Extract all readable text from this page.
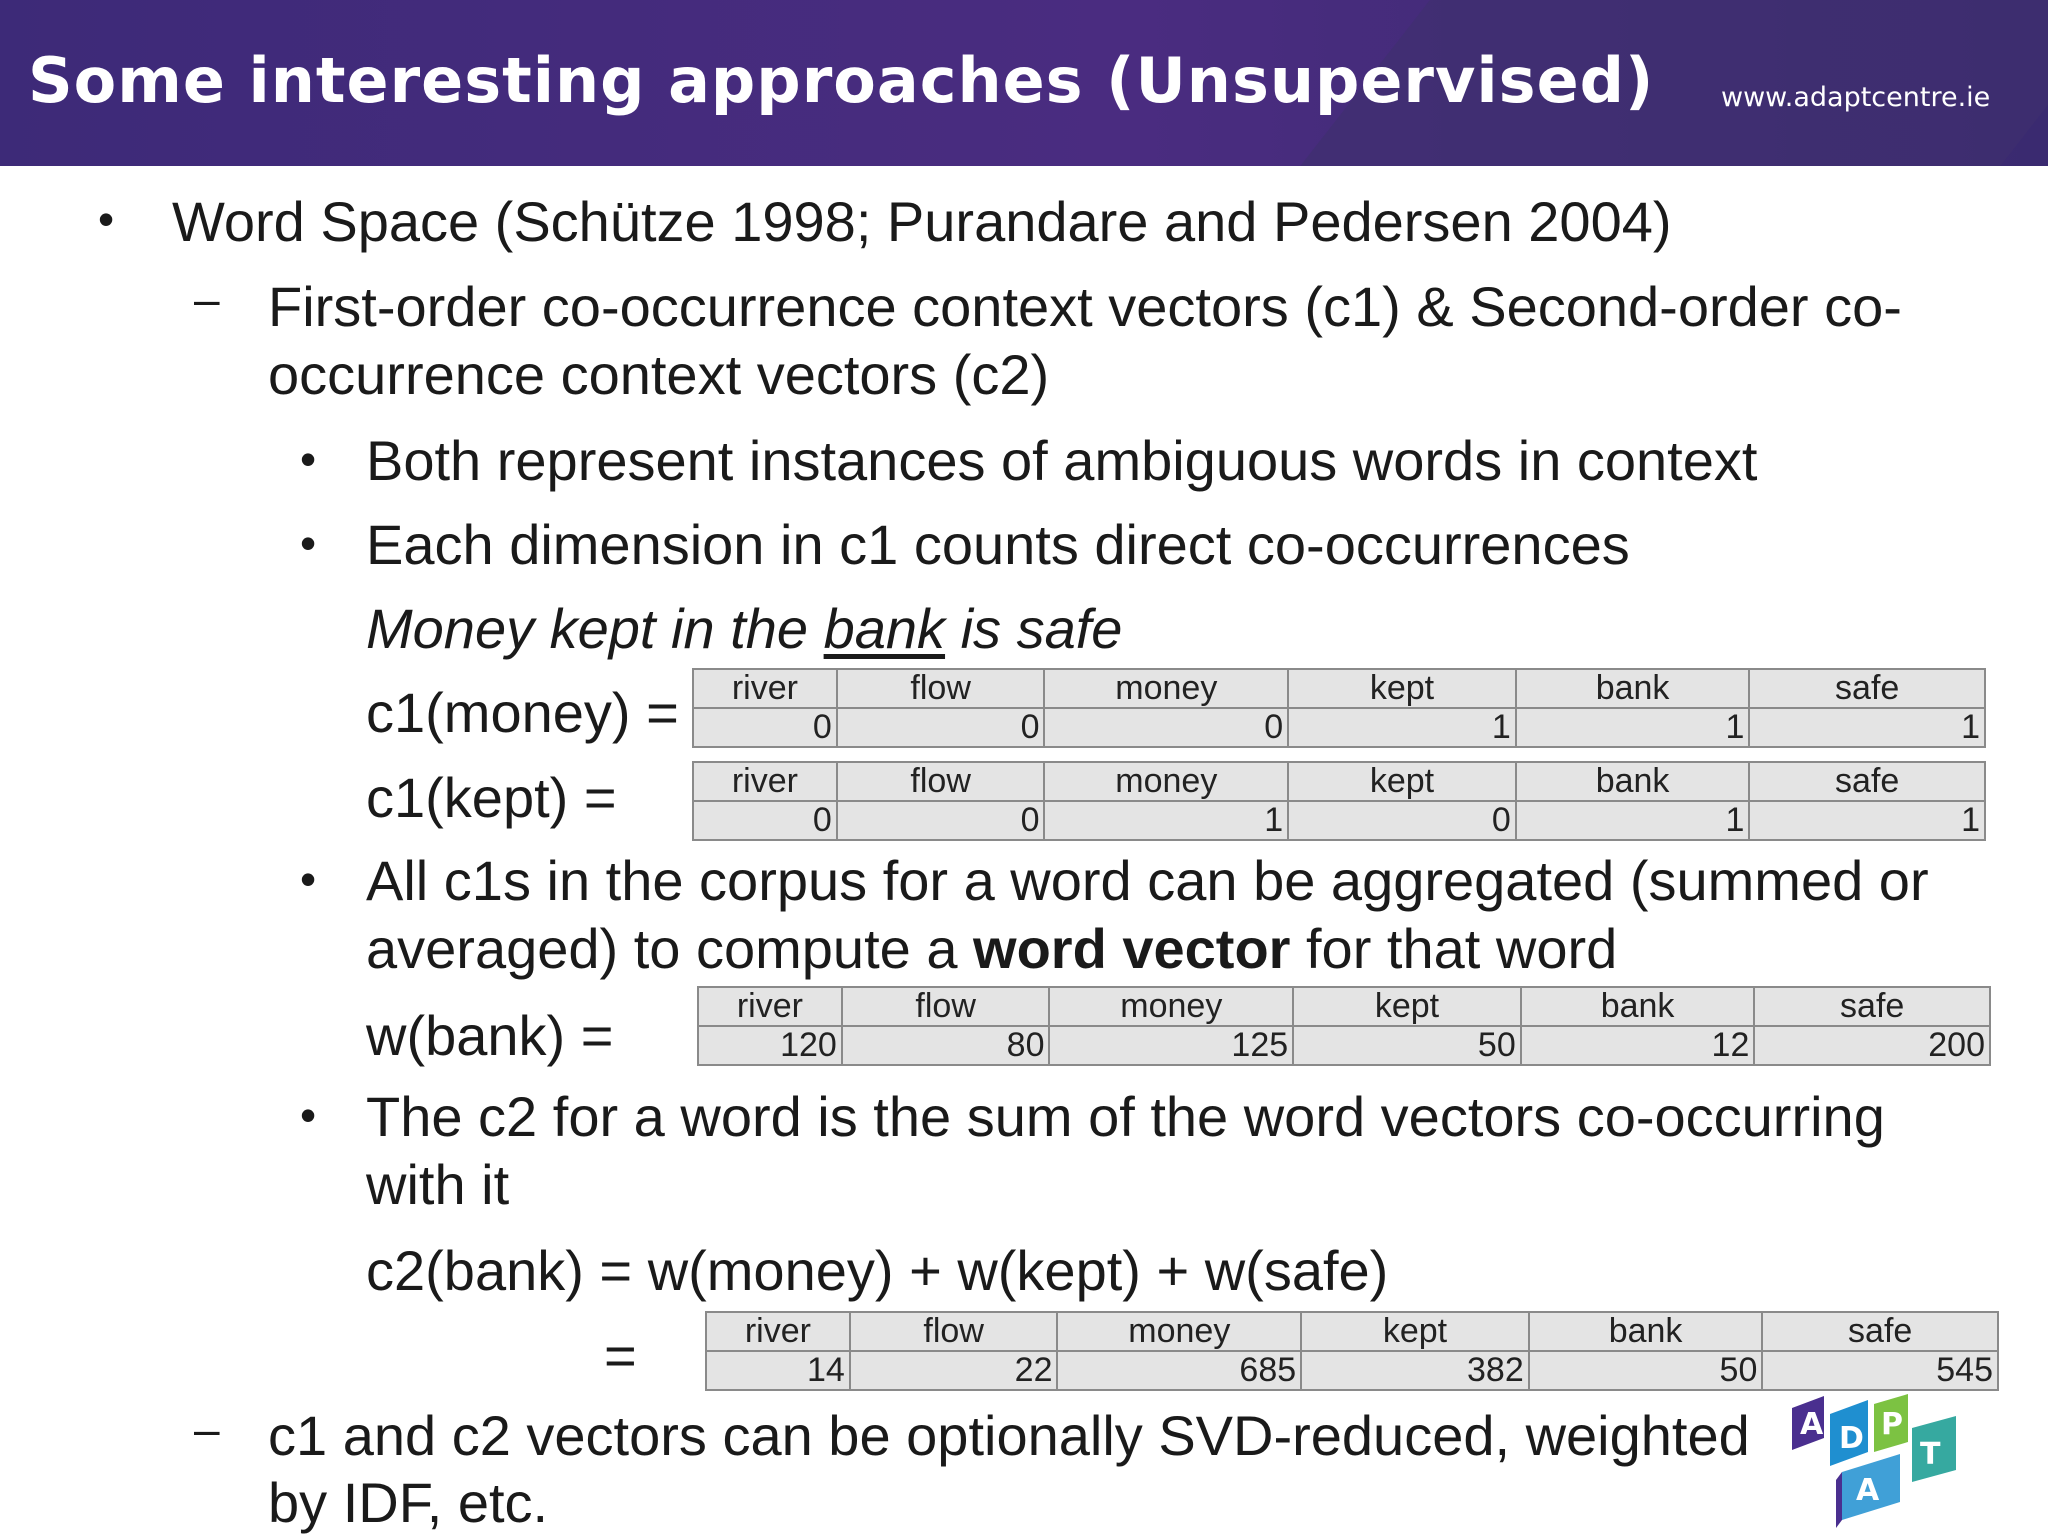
Some interesting approaches (Unsupervised) www.adaptcentre.ie
• Word Space (Schütze 1998; Purandare and Pedersen 2004)
– First-order co-occurrence context vectors (c1) & Second-order co-
occurrence context vectors (c2)
• Both represent instances of ambiguous words in context
• Each dimension in c1 counts direct co-occurrences
Money kept in the bank is safe
c1(money) = river	flow	money	kept	bank	safe
0	0	0	1	1	1
c1(kept) =	river	flow	money	kept	bank	safe
0	0	1	0	1	1
• All c1s in the corpus for a word can be aggregated (summed or
averaged) to compute a word vector for that word
w(bank) =	river	flow	money	kept	bank	safe
120	80	125	50	12	200
• The c2 for a word is the sum of the word vectors co-occurring
with it
c2(bank) = w(money) + w(kept) + w(safe)
=	river	flow	money	kept	bank	safe
14	22	685	382	50	545
– c1 and c2 vectors can be optionally SVD-reduced, weighted
by IDF, etc.
A D P
T
A
